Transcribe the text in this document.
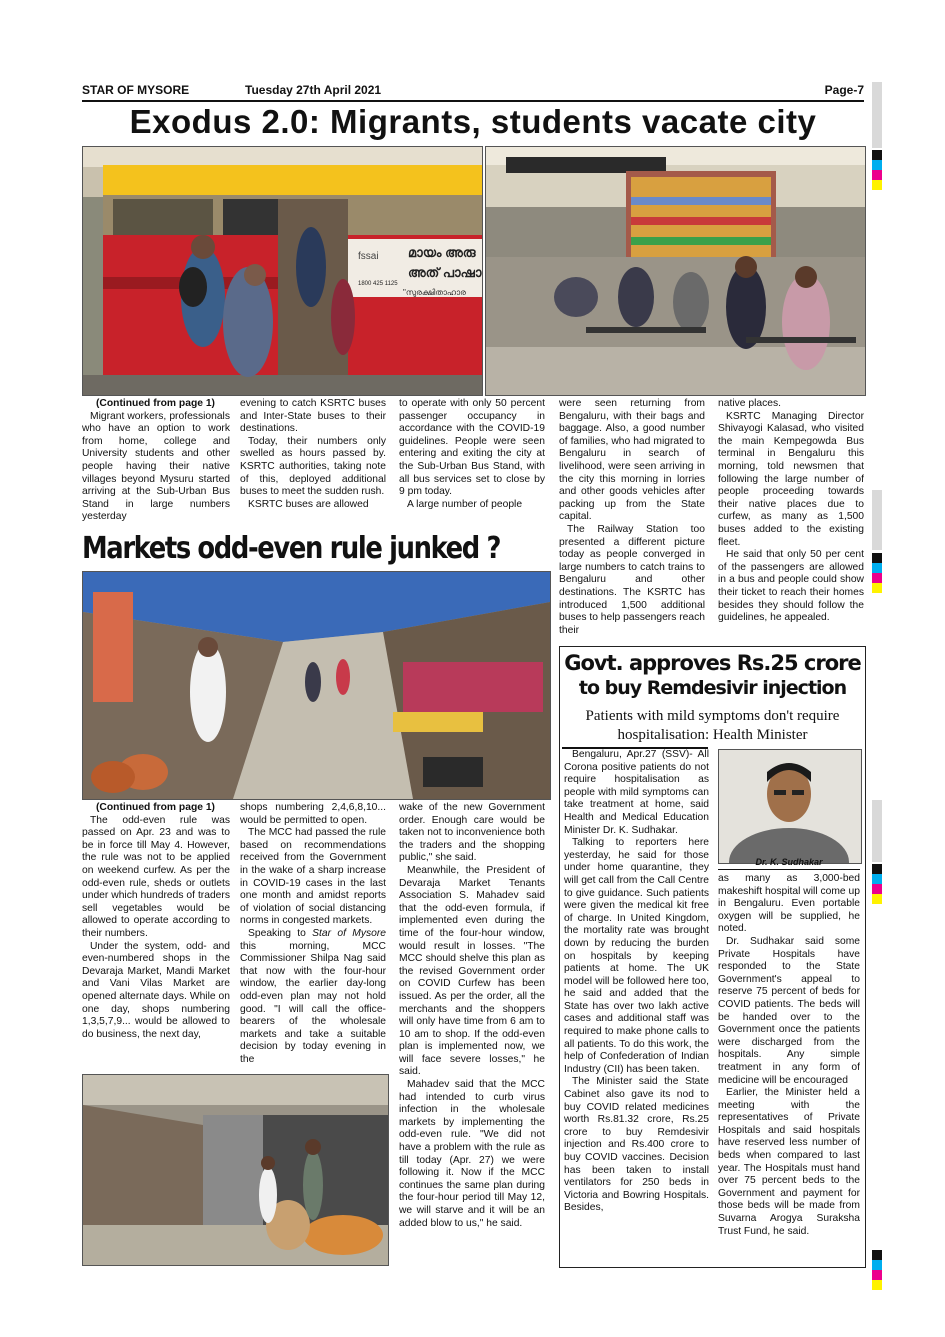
STAR OF MYSORE	Tuesday 27th April 2021	Page-7
Exodus 2.0: Migrants, students vacate city
fssai
1800 425 1125
മായം അരു
അത് പാഷാ
"സുരക്ഷിതാഹാര

(Continued from page 1)

Migrant workers, professionals who have an option to work from home, college and University students and other people having their native villages beyond Mysuru started arriving at the Sub-Urban Bus Stand in large numbers yesterday

evening to catch KSRTC buses and Inter-State buses to their destinations.

Today, their numbers only swelled as hours passed by. KSRTC authorities, taking note of this, deployed additional buses to meet the sudden rush.

KSRTC buses are allowed

to operate with only 50 percent passenger occupancy in accordance with the COVID-19 guidelines. People were seen entering and exiting the city at the Sub-Urban Bus Stand, with all bus services set to close by 9 pm today.

A large number of people

were seen returning from Bengaluru, with their bags and baggage. Also, a good number of families, who had migrated to Bengaluru in search of livelihood, were seen arriving in the city this morning in lorries and other goods vehicles after packing up from the State capital.

The Railway Station too presented a different picture today as people converged in large numbers to catch trains to Bengaluru and other destinations. The KSRTC has introduced 1,500 additional buses to help passengers reach their

native places.

KSRTC Managing Director Shivayogi Kalasad, who visited the main Kempegowda Bus terminal in Bengaluru this morning, told newsmen that following the large number of people proceeding towards their native places due to curfew, as many as 1,500 buses added to the existing fleet.

He said that only 50 per cent of the passengers are allowed in a bus and people could show their ticket to reach their homes besides they should follow the guidelines, he appealed.

Markets odd-even rule junked ?

(Continued from page 1)

The odd-even rule was passed on Apr. 23 and was to be in force till May 4. However, the rule was not to be applied on weekend curfew. As per the odd-even rule, sheds or outlets under which hundreds of traders sell vegetables would be allowed to operate according to their numbers.

Under the system, odd- and even-numbered shops in the Devaraja Market, Mandi Market and Vani Vilas Market are opened alternate days. While on one day, shops numbering 1,3,5,7,9... would be allowed to do business, the next day,

shops numbering 2,4,6,8,10... would be permitted to open.

The MCC had passed the rule based on recommendations received from the Government in the wake of a sharp increase in COVID-19 cases in the last one month and amidst reports of violation of social distancing norms in congested markets.

Speaking to Star of Mysore this morning, MCC Commissioner Shilpa Nag said that now with the four-hour window, the earlier day-long odd-even plan may not hold good. "I will call the office-bearers of the wholesale markets and take a suitable decision by today evening in the

wake of the new Government order. Enough care would be taken not to inconvenience both the traders and the shopping public," she said.

Meanwhile, the President of Devaraja Market Tenants Association S. Mahadev said that the odd-even formula, if implemented even during the time of the four-hour window, would result in losses. "The MCC should shelve this plan as the revised Government order on COVID Curfew has been issued. As per the order, all the merchants and the shoppers will only have time from 6 am to 10 am to shop. If the odd-even plan is implemented now, we will face severe losses," he said.

Mahadev said that the MCC had intended to curb virus infection in the wholesale markets by implementing the odd-even rule. "We did not have a problem with the rule as till today (Apr. 27) we were following it. Now if the MCC continues the same plan during the four-hour period till May 12, we will starve and it will be an added blow to us," he said.

Govt. approves Rs.25 crore
to buy Remdesivir injection
Patients with mild symptoms don't require hospitalisation: Health Minister

Bengaluru, Apr.27 (SSV)- All Corona positive patients do not require hospitalisation as people with mild symptoms can take treatment at home, said Health and Medical Education Minister Dr. K. Sudhakar.

Talking to reporters here yesterday, he said for those under home quarantine, they will get call from the Call Centre to give guidance. Such patients were given the medical kit free of charge. In United Kingdom, the mortality rate was brought down by reducing the burden on hospitals by keeping patients at home. The UK model will be followed here too, he said and added that the State has over two lakh active cases and additional staff was required to make phone calls to all patients. To do this work, the help of Confederation of Indian Industry (CII) has been taken.

The Minister said the State Cabinet also gave its nod to buy COVID related medicines worth Rs.81.32 crore, Rs.25 crore to buy Remdesivir injection and Rs.400 crore to buy COVID vaccines. Decision has been taken to install ventilators for 250 beds in Victoria and Bowring Hospitals. Besides,

Dr. K. Sudhakar

as many as 3,000-bed makeshift hospital will come up in Bengaluru. Even portable oxygen will be supplied, he noted.

Dr. Sudhakar said some Private Hospitals have responded to the State Government's appeal to reserve 75 percent of beds for COVID patients. The beds will be handed over to the Government once the patients were discharged from the hospitals. Any simple treatment in any form of medicine will be encouraged

Earlier, the Minister held a meeting with the representatives of Private Hospitals and said hospitals have reserved less number of beds when compared to last year. The Hospitals must hand over 75 percent beds to the Government and payment for those beds will be made from Suvarna Arogya Suraksha Trust Fund, he said.
